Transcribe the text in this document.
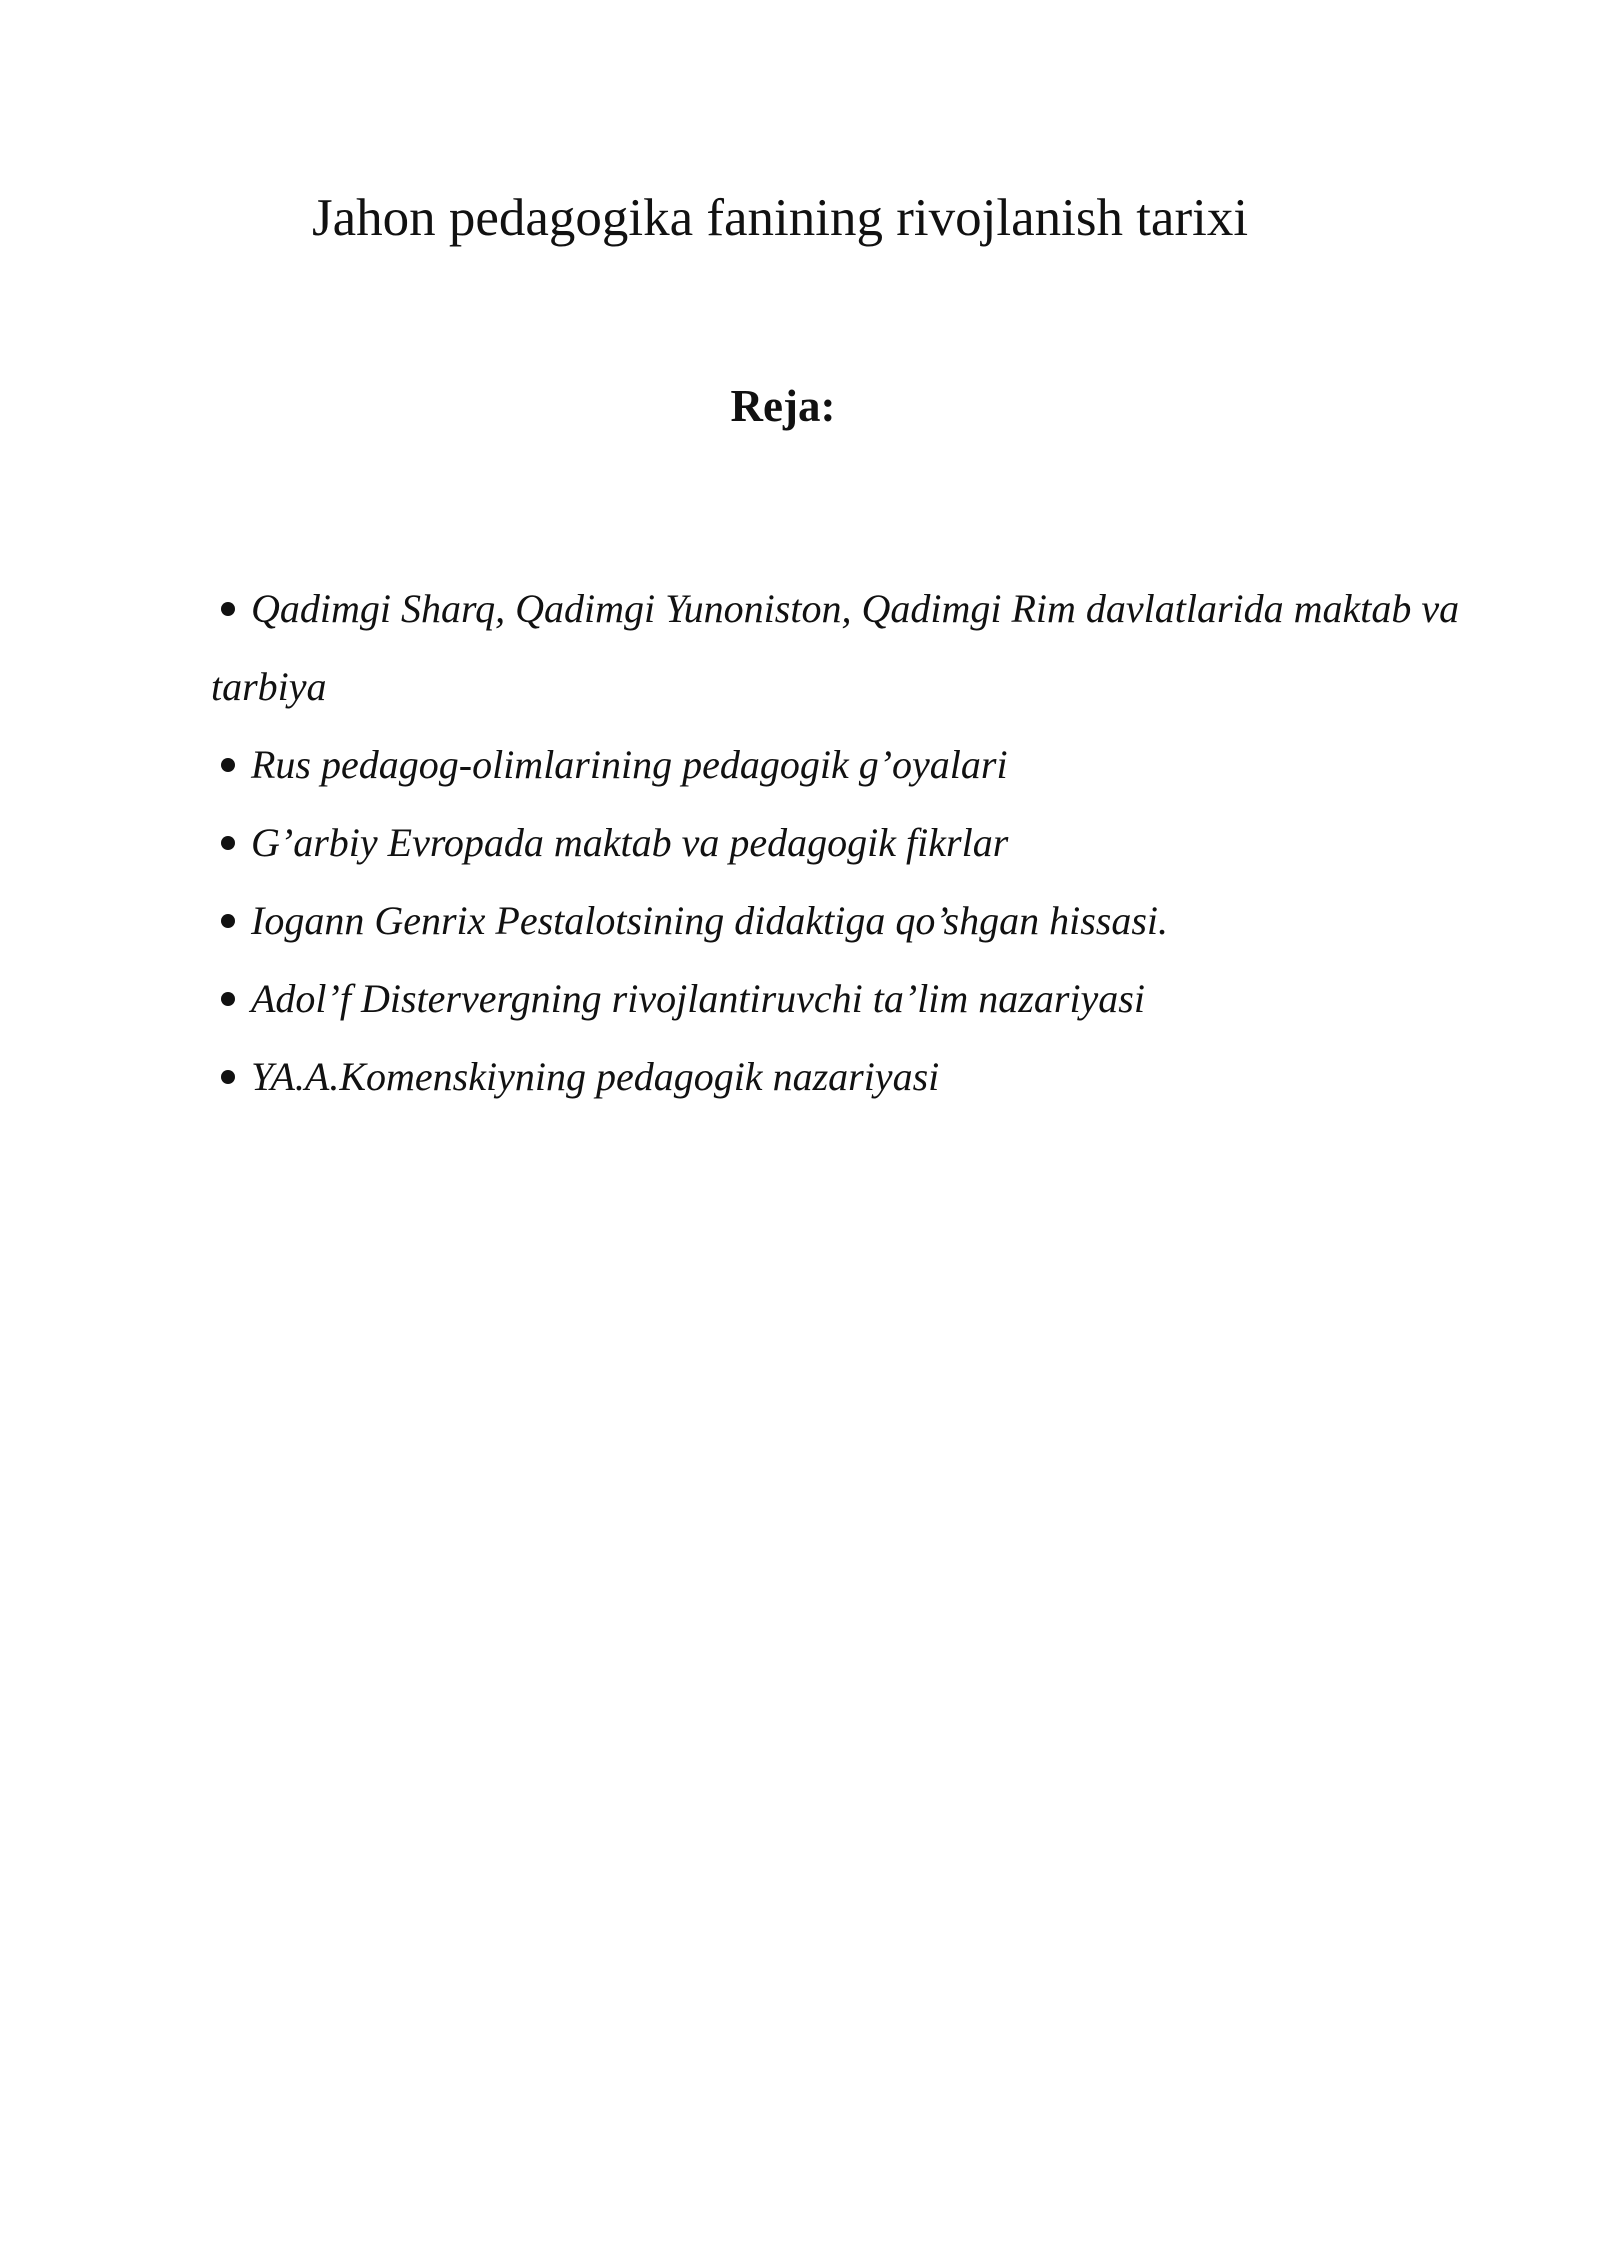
Jahon pedagogika fanining rivojlanish tarixi
Reja:
Qadimgi Sharq, Qadimgi Yunoniston, Qadimgi Rim davlatlarida maktab va tarbiya
Rus pedagog-olimlarining pedagogik g’oyalari
G’arbiy Evropada maktab va pedagogik fikrlar
Iogann Genrix Pestalotsining didaktiga qo’shgan hissasi.
Adol’f Distervergning rivojlantiruvchi ta’lim nazariyasi
YA.A.Komenskiyning pedagogik nazariyasi
